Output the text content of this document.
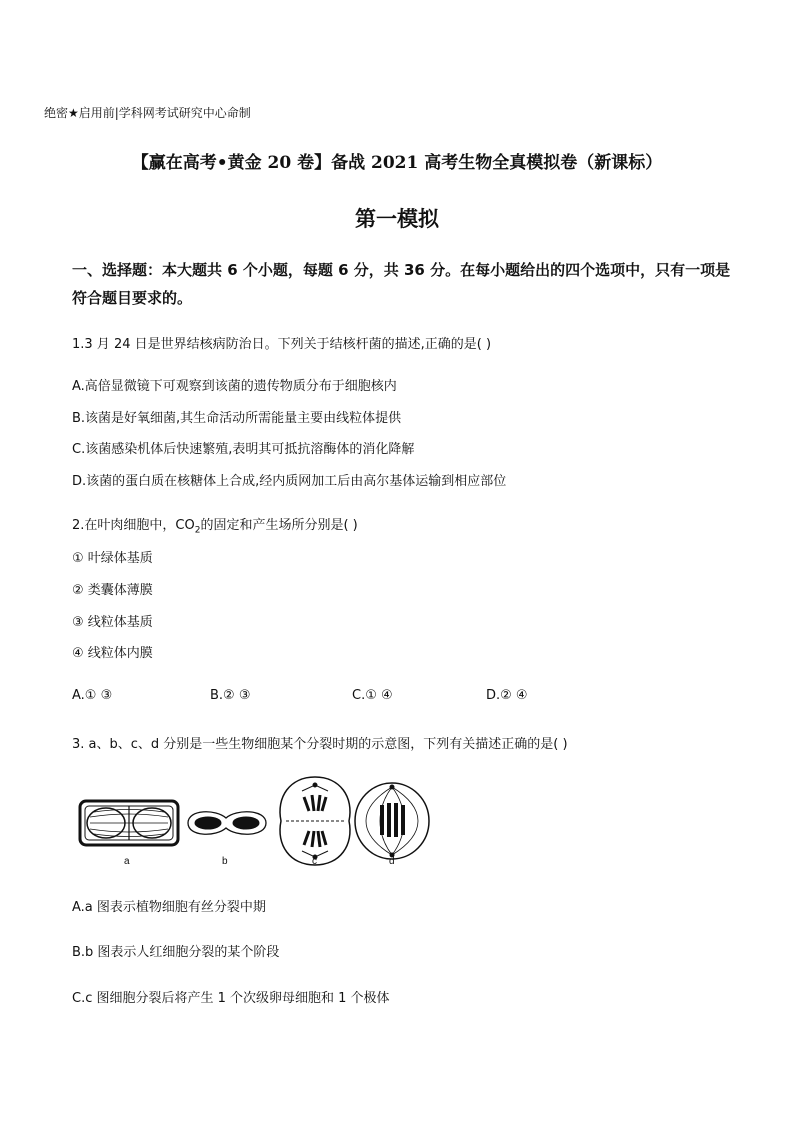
绝密★启用前|学科网考试研究中心命制
【赢在高考•黄金 20 卷】备战 2021 高考生物全真模拟卷（新课标）
第一模拟
一、选择题：本大题共 6 个小题，每题 6 分，共 36 分。在每小题给出的四个选项中，只有一项是符合题目要求的。
1.3 月 24 日是世界结核病防治日。下列关于结核杆菌的描述,正确的是( )
A.高倍显微镜下可观察到该菌的遗传物质分布于细胞核内
B.该菌是好氧细菌,其生命活动所需能量主要由线粒体提供
C.该菌感染机体后快速繁殖,表明其可抵抗溶酶体的消化降解
D.该菌的蛋白质在核糖体上合成,经内质网加工后由高尔基体运输到相应部位
2.在叶肉细胞中，$CO_2$的固定和产生场所分别是( )
① 叶绿体基质
② 类囊体薄膜
③ 线粒体基质
④ 线粒体内膜
A.① ③	B.② ③	C.① ④	D.② ④
3. a、b、c、d 分别是一些生物细胞某个分裂时期的示意图，下列有关描述正确的是( )
a	b	c	d
A.a 图表示植物细胞有丝分裂中期
B.b 图表示人红细胞分裂的某个阶段
C.c 图细胞分裂后将产生 1 个次级卵母细胞和 1 个极体
